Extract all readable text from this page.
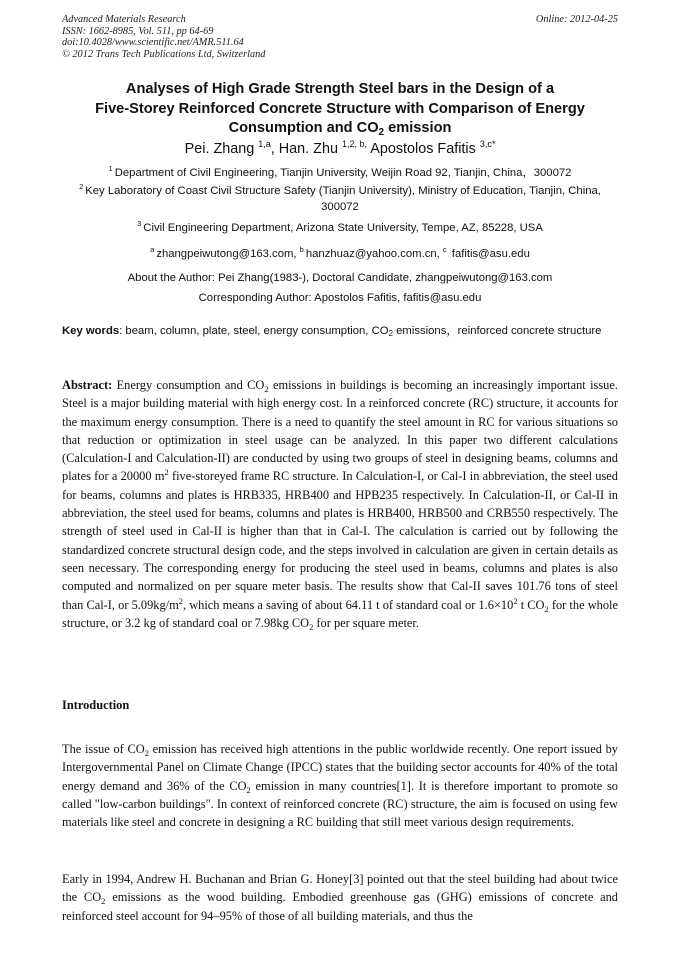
Advanced Materials Research
ISSN: 1662-8985, Vol. 511, pp 64-69
doi:10.4028/www.scientific.net/AMR.511.64
© 2012 Trans Tech Publications Ltd, Switzerland
Online: 2012-04-25
Analyses of High Grade Strength Steel bars in the Design of a
Five-Storey Reinforced Concrete Structure with Comparison of Energy
Consumption and $CO_2$ emission
Pei. Zhang $^{1,a}$, Han. Zhu $^{1,2, b,}$ Apostolos Fafitis $^{3,c*}$
$^1$ Department of Civil Engineering, Tianjin University, Weijin Road 92, Tianjin, China，300072
$^2$ Key Laboratory of Coast Civil Structure Safety (Tianjin University), Ministry of Education, Tianjin, China, 300072
$^3$ Civil Engineering Department, Arizona State University, Tempe, AZ, 85228, USA
$^a$ zhangpeiwutong@163.com, $^b$ hanzhuaz@yahoo.com.cn, $^c$ fafitis@asu.edu
About the Author: Pei Zhang(1983-), Doctoral Candidate, zhangpeiwutong@163.com
Corresponding Author: Apostolos Fafitis, fafitis@asu.edu
Key words: beam, column, plate, steel, energy consumption, $CO_2$ emissions，reinforced concrete structure
Abstract: Energy consumption and $CO_2$ emissions in buildings is becoming an increasingly important issue. Steel is a major building material with high energy cost. In a reinforced concrete (RC) structure, it accounts for the maximum energy consumption. There is a need to quantify the steel amount in RC for various situations so that reduction or optimization in steel usage can be analyzed. In this paper two different calculations (Calculation-I and Calculation-II) are conducted by using two groups of steel in designing beams, columns and plates for a 20000 $m^2$ five-storeyed frame RC structure. In Calculation-I, or Cal-I in abbreviation, the steel used for beams, columns and plates is HRB335, HRB400 and HPB235 respectively. In Calculation-II, or Cal-II in abbreviation, the steel used for beams, columns and plates is HRB400, HRB500 and CRB550 respectively. The strength of steel used in Cal-II is higher than that in Cal-I. The calculation is carried out by following the standardized concrete structural design code, and the steps involved in calculation are given in certain details as seen necessary. The corresponding energy for producing the steel used in beams, columns and plates is also computed and normalized on per square meter basis. The results show that Cal-II saves 101.76 tons of steel than Cal-I, or $5.09kg/m^2$, which means a saving of about 64.11 t of standard coal or $1.6\times 10^2$ t $CO_2$ for the whole structure, or 3.2 kg of standard coal or 7.98kg $CO_2$ for per square meter.
Introduction
The issue of $CO_2$ emission has received high attentions in the public worldwide recently. One report issued by Intergovernmental Panel on Climate Change (IPCC) states that the building sector accounts for 40% of the total energy demand and 36% of the $CO_2$ emission in many countries[1]. It is therefore important to promote so called "low-carbon buildings". In context of reinforced concrete (RC) structure, the aim is focused on using few materials like steel and concrete in designing a RC building that still meet various design requirements.
Early in 1994, Andrew H. Buchanan and Brian G. Honey[3] pointed out that the steel building had about twice the $CO_2$ emissions as the wood building. Embodied greenhouse gas (GHG) emissions of concrete and reinforced steel account for 94–95% of those of all building materials, and thus the
